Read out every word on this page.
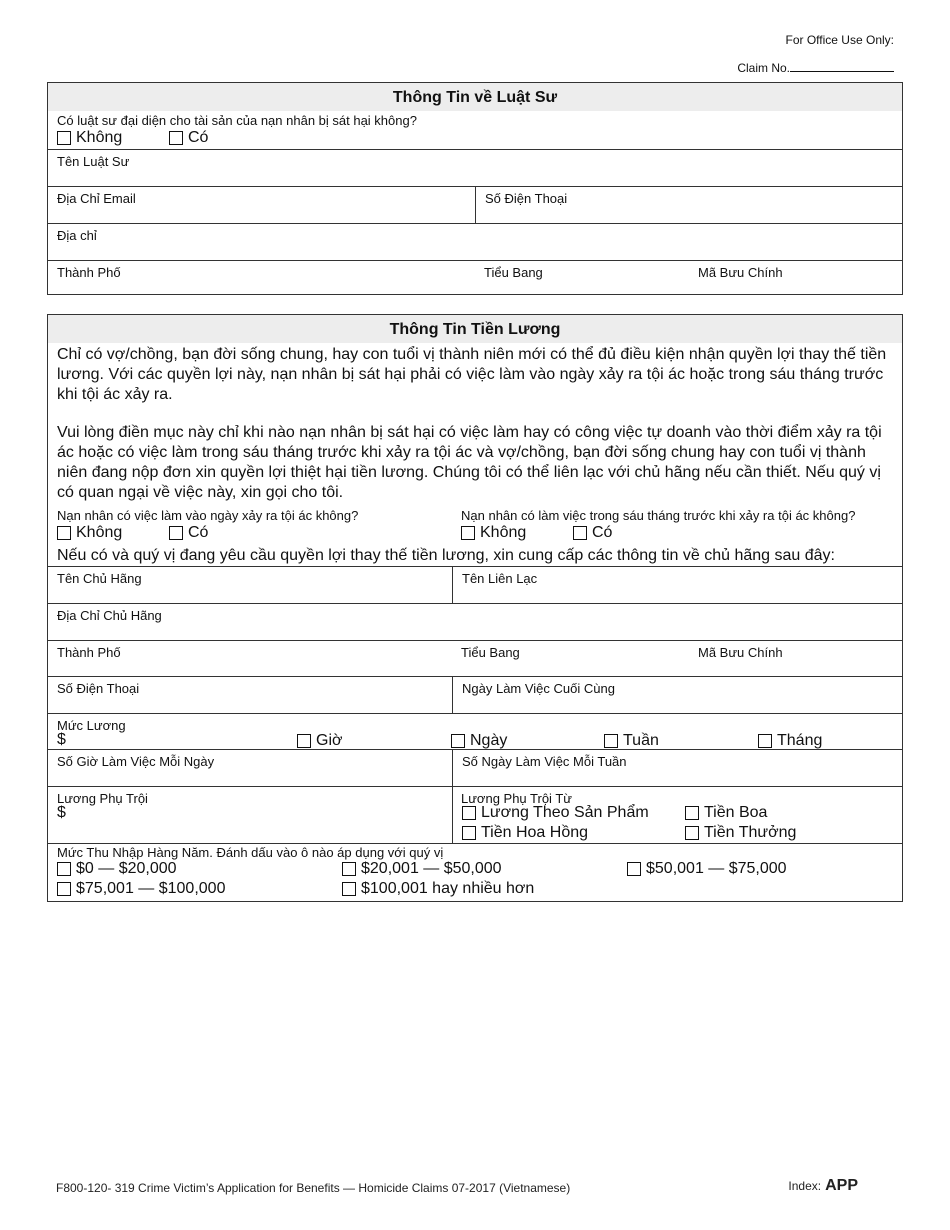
For Office Use Only:
Claim No.
Thông Tin về Luật Sư
Có luật sư đại diện cho tài sản của nạn nhân bị sát hại không?
Không	Có
Tên Luật Sư
Địa Chỉ Email	Số Điện Thoại
Địa chỉ
Thành Phố	Tiểu Bang	Mã Bưu Chính
Thông Tin Tiền Lương
Chỉ có vợ/chồng, bạn đời sống chung, hay con tuổi vị thành niên mới có thể đủ điều kiện nhận quyền lợi thay thế tiền lương. Với các quyền lợi này, nạn nhân bị sát hại phải có việc làm vào ngày xảy ra tội ác hoặc trong sáu tháng trước khi tội ác xảy ra.
Vui lòng điền mục này chỉ khi nào nạn nhân bị sát hại có việc làm hay có công việc tự doanh vào thời điểm xảy ra tội ác hoặc có việc làm trong sáu tháng trước khi xảy ra tội ác và vợ/chồng, bạn đời sống chung hay con tuổi vị thành niên đang nộp đơn xin quyền lợi thiệt hại tiền lương. Chúng tôi có thể liên lạc với chủ hãng nếu cần thiết. Nếu quý vị có quan ngại về việc này, xin gọi cho tôi.
Nạn nhân có việc làm vào ngày xảy ra tội ác không?	Nạn nhân có làm việc trong sáu tháng trước khi xảy ra tội ác không?
Không	Có	Không	Có
Nếu có và quý vị đang yêu cầu quyền lợi thay thế tiền lương, xin cung cấp các thông tin về chủ hãng sau đây:
Tên Chủ Hãng	Tên Liên Lạc
Địa Chỉ Chủ Hãng
Thành Phố	Tiểu Bang	Mã Bưu Chính
Số Điện Thoại	Ngày Làm Việc Cuối Cùng
Mức Lương
$	Giờ	Ngày	Tuần	Tháng
Số Giờ Làm Việc Mỗi Ngày	Số Ngày Làm Việc Mỗi Tuần
Lương Phụ Trội
$
Lương Phụ Trội Từ
Lương Theo Sản Phẩm	Tiền Boa
Tiền Hoa Hồng	Tiền Thưởng
Mức Thu Nhập Hàng Năm. Đánh dấu vào ô nào áp dụng với quý vị
$0 — $20,000	$20,001 — $50,000	$50,001 — $75,000
$75,001 — $100,000	$100,001 hay nhiều hơn
F800-120- 319 Crime Victim’s Application for Benefits — Homicide Claims 07-2017 (Vietnamese)	Index: APP
